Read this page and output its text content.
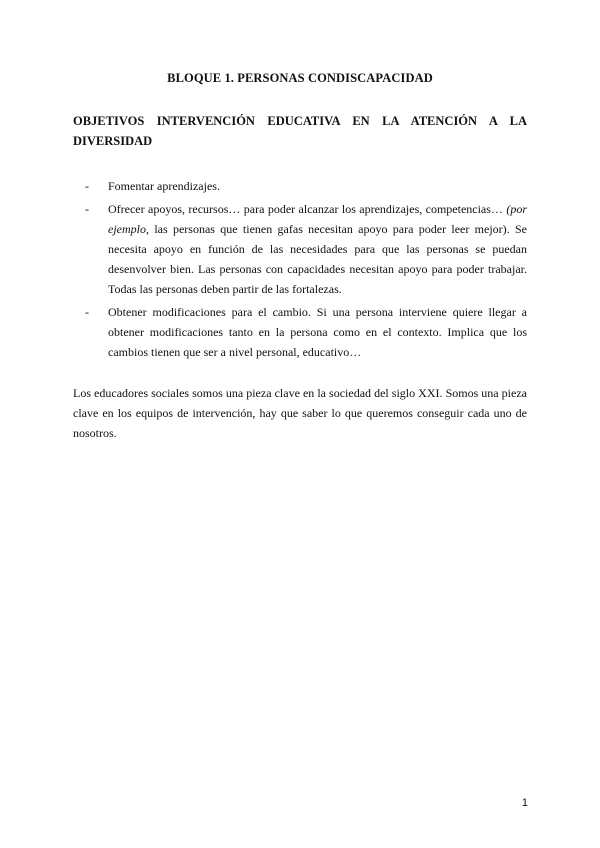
BLOQUE 1. PERSONAS CONDISCAPACIDAD
OBJETIVOS INTERVENCIÓN EDUCATIVA EN LA ATENCIÓN A LA DIVERSIDAD
- Fomentar aprendizajes.
- Ofrecer apoyos, recursos… para poder alcanzar los aprendizajes, competencias… (por ejemplo, las personas que tienen gafas necesitan apoyo para poder leer mejor). Se necesita apoyo en función de las necesidades para que las personas se puedan desenvolver bien. Las personas con capacidades necesitan apoyo para poder trabajar. Todas las personas deben partir de las fortalezas.
- Obtener modificaciones para el cambio. Si una persona interviene quiere llegar a obtener modificaciones tanto en la persona como en el contexto. Implica que los cambios tienen que ser a nivel personal, educativo…

Los educadores sociales somos una pieza clave en la sociedad del siglo XXI. Somos una pieza clave en los equipos de intervención, hay que saber lo que queremos conseguir cada uno de nosotros.

1
